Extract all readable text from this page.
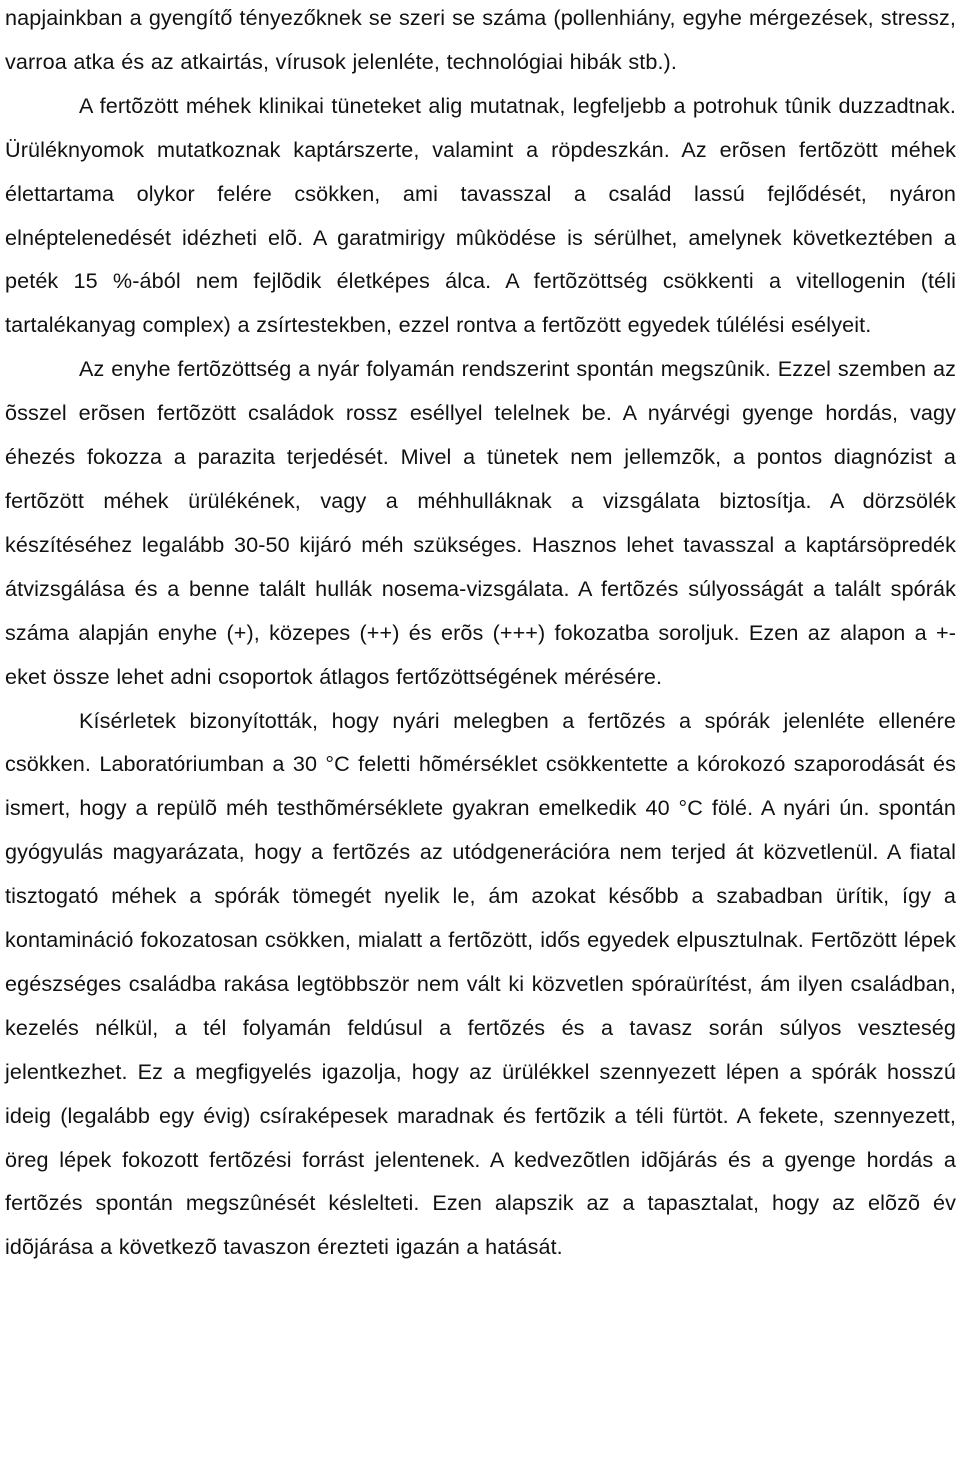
napjainkban a gyengítő tényezőknek se szeri se száma (pollenhiány, egyhe mérgezések, stressz, varroa atka és az atkairtás, vírusok jelenléte, technológiai hibák stb.).

A fertõzött méhek klinikai tüneteket alig mutatnak, legfeljebb a potrohuk tûnik duzzadtnak. Ürüléknyomok mutatkoznak kaptárszerte, valamint a röpdeszkán. Az erõsen fertõzött méhek élettartama olykor felére csökken, ami tavasszal a család lassú fejlődését, nyáron elnéptelenedését idézheti elõ. A garatmirigy mûködése is sérülhet, amelynek következtében a peték 15 %-ából nem fejlõdik életképes álca. A fertõzöttség csökkenti a vitellogenin (téli tartalékanyag complex) a zsírtestekben, ezzel rontva a fertõzött egyedek túlélési esélyeit.

Az enyhe fertõzöttség a nyár folyamán rendszerint spontán megszûnik. Ezzel szemben az õsszel erõsen fertõzött családok rossz eséllyel telelnek be. A nyárvégi gyenge hordás, vagy éhezés fokozza a parazita terjedését. Mivel a tünetek nem jellemzõk, a pontos diagnózist a fertõzött méhek ürülékének, vagy a méhhulláknak a vizsgálata biztosítja. A dörzsölék készítéséhez legalább 30-50 kijáró méh szükséges. Hasznos lehet tavasszal a kaptársöpredék átvizsgálása és a benne talált hullák nosema-vizsgálata. A fertõzés súlyosságát a talált spórák száma alapján enyhe (+), közepes (++) és erõs (+++) fokozatba soroljuk. Ezen az alapon a +-eket össze lehet adni csoportok átlagos fertőzöttségének mérésére.

Kísérletek bizonyították, hogy nyári melegben a fertõzés a spórák jelenléte ellenére csökken. Laboratóriumban a 30 °C feletti hõmérséklet csökkentette a kórokozó szaporodását és ismert, hogy a repülõ méh testhõmérséklete gyakran emelkedik 40 °C fölé. A nyári ún. spontán gyógyulás magyarázata, hogy a fertõzés az utódgenerációra nem terjed át közvetlenül. A fiatal tisztogató méhek a spórák tömegét nyelik le, ám azokat később a szabadban ürítik, így a kontamináció fokozatosan csökken, mialatt a fertõzött, idős egyedek elpusztulnak. Fertõzött lépek egészséges családba rakása legtöbbször nem vált ki közvetlen spóraürítést, ám ilyen családban, kezelés nélkül, a tél folyamán feldúsul a fertõzés és a tavasz során súlyos veszteség jelentkezhet. Ez a megfigyelés igazolja, hogy az ürülékkel szennyezett lépen a spórák hosszú ideig (legalább egy évig) csíraképesek maradnak és fertõzik a téli fürtöt. A fekete, szennyezett, öreg lépek fokozott fertõzési forrást jelentenek. A kedvezõtlen idõjárás és a gyenge hordás a fertõzés spontán megszûnését késlelteti. Ezen alapszik az a tapasztalat, hogy az elõzõ év idõjárása a következõ tavaszon érezteti igazán a hatását.
